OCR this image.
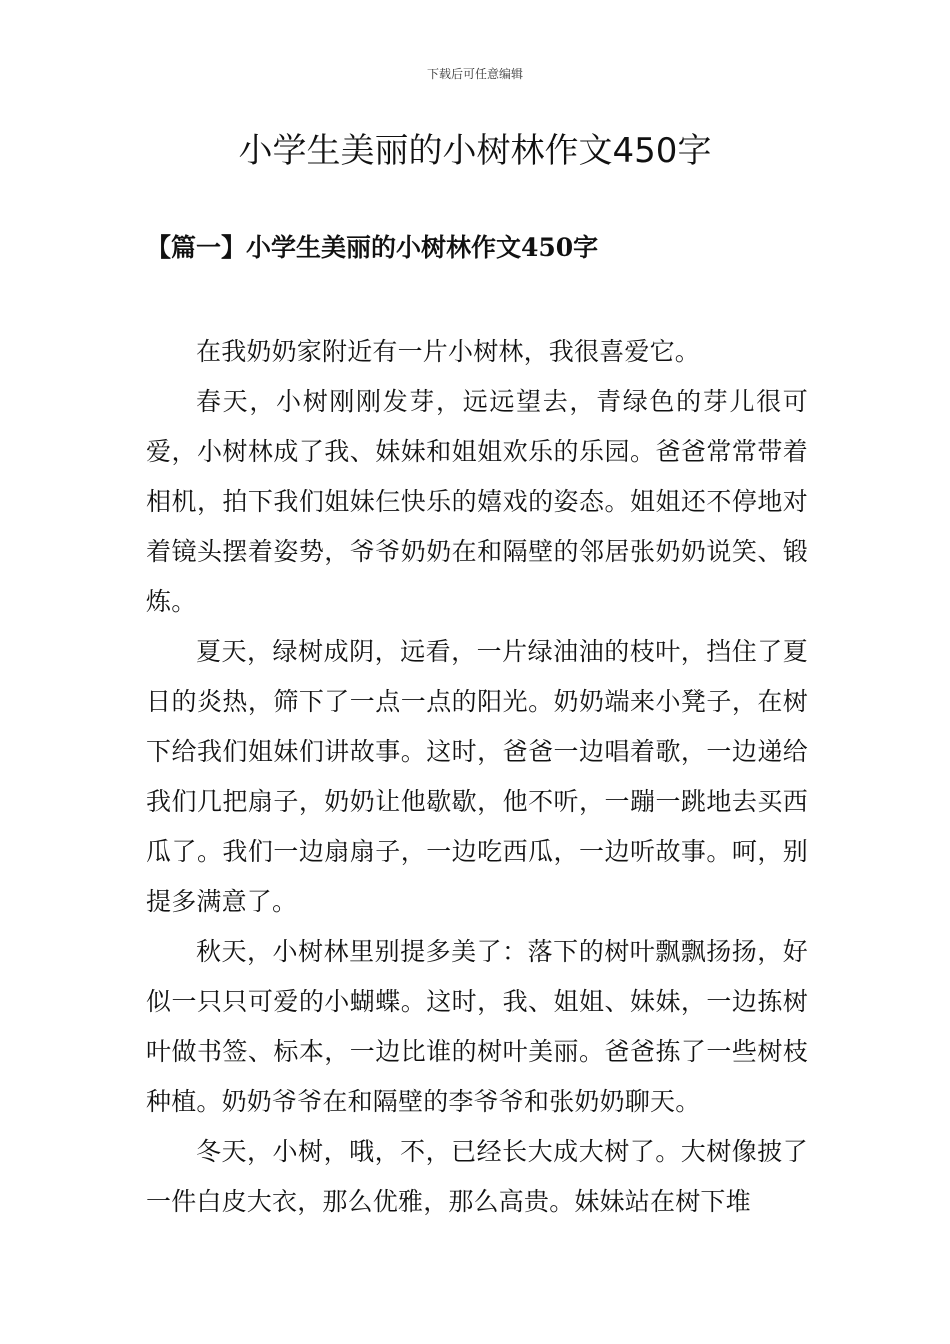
下载后可任意编辑
小学生美丽的小树林作文450字
【篇一】小学生美丽的小树林作文450字

在我奶奶家附近有一片小树林，我很喜爱它。

春天，小树刚刚发芽，远远望去，青绿色的芽儿很可爱，小树林成了我、妹妹和姐姐欢乐的乐园。爸爸常常带着相机，拍下我们姐妹仨快乐的嬉戏的姿态。姐姐还不停地对着镜头摆着姿势，爷爷奶奶在和隔壁的邻居张奶奶说笑、锻炼。

夏天，绿树成阴，远看，一片绿油油的枝叶，挡住了夏日的炎热，筛下了一点一点的阳光。奶奶端来小凳子，在树下给我们姐妹们讲故事。这时，爸爸一边唱着歌，一边递给我们几把扇子，奶奶让他歇歇，他不听，一蹦一跳地去买西瓜了。我们一边扇扇子，一边吃西瓜，一边听故事。呵，别提多满意了。

秋天，小树林里别提多美了：落下的树叶飘飘扬扬，好似一只只可爱的小蝴蝶。这时，我、姐姐、妹妹，一边拣树叶做书签、标本，一边比谁的树叶美丽。爸爸拣了一些树枝种植。奶奶爷爷在和隔壁的李爷爷和张奶奶聊天。

冬天，小树，哦，不，已经长大成大树了。大树像披了一件白皮大衣，那么优雅，那么高贵。妹妹站在树下堆
